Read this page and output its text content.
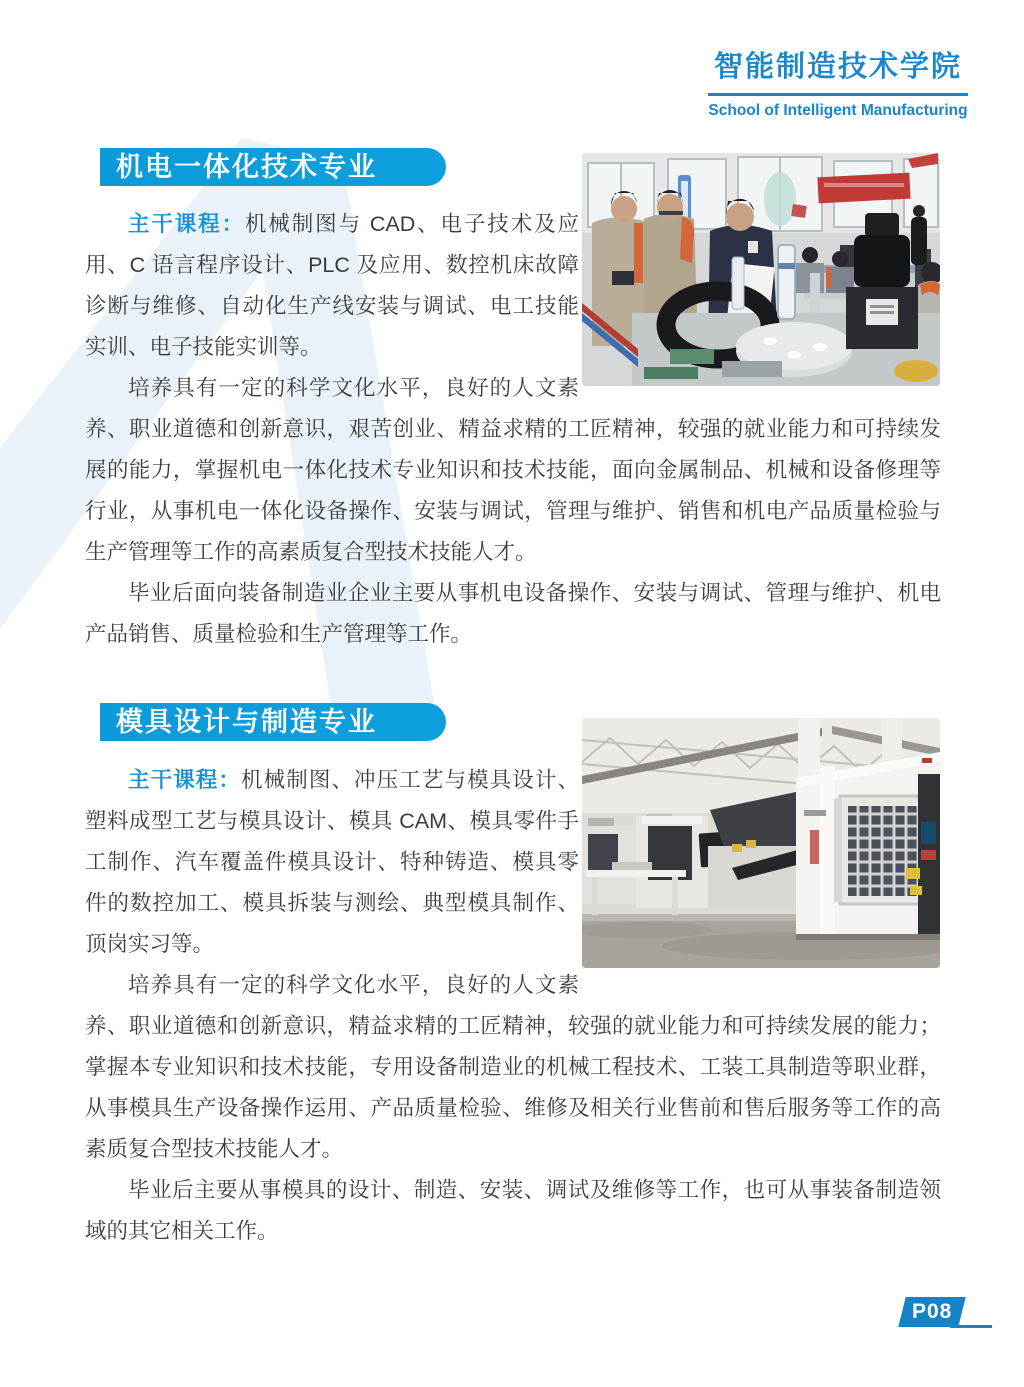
智能制造技术学院
School of Intelligent Manufacturing
机电一体化技术专业

主干课程：机械制图与 CAD、电子技术及应用、C 语言程序设计、PLC 及应用、数控机床故障诊断与维修、自动化生产线安装与调试、电工技能实训、电子技能实训等。

培养具有一定的科学文化水平，良好的人文素养、职业道德和创新意识，艰苦创业、精益求精的工匠精神，较强的就业能力和可持续发展的能力，掌握机电一体化技术专业知识和技术技能，面向金属制品、机械和设备修理等行业，从事机电一体化设备操作、安装与调试，管理与维护、销售和机电产品质量检验与生产管理等工作的高素质复合型技术技能人才。

毕业后面向装备制造业企业主要从事机电设备操作、安装与调试、管理与维护、机电产品销售、质量检验和生产管理等工作。

模具设计与制造专业

主干课程：机械制图、冲压工艺与模具设计、塑料成型工艺与模具设计、模具 CAM、模具零件手工制作、汽车覆盖件模具设计、特种铸造、模具零件的数控加工、模具拆装与测绘、典型模具制作、顶岗实习等。

培养具有一定的科学文化水平，良好的人文素养、职业道德和创新意识，精益求精的工匠精神，较强的就业能力和可持续发展的能力；掌握本专业知识和技术技能，专用设备制造业的机械工程技术、工装工具制造等职业群，从事模具生产设备操作运用、产品质量检验、维修及相关行业售前和售后服务等工作的高素质复合型技术技能人才。

毕业后主要从事模具的设计、制造、安装、调试及维修等工作，也可从事装备制造领域的其它相关工作。

P08
